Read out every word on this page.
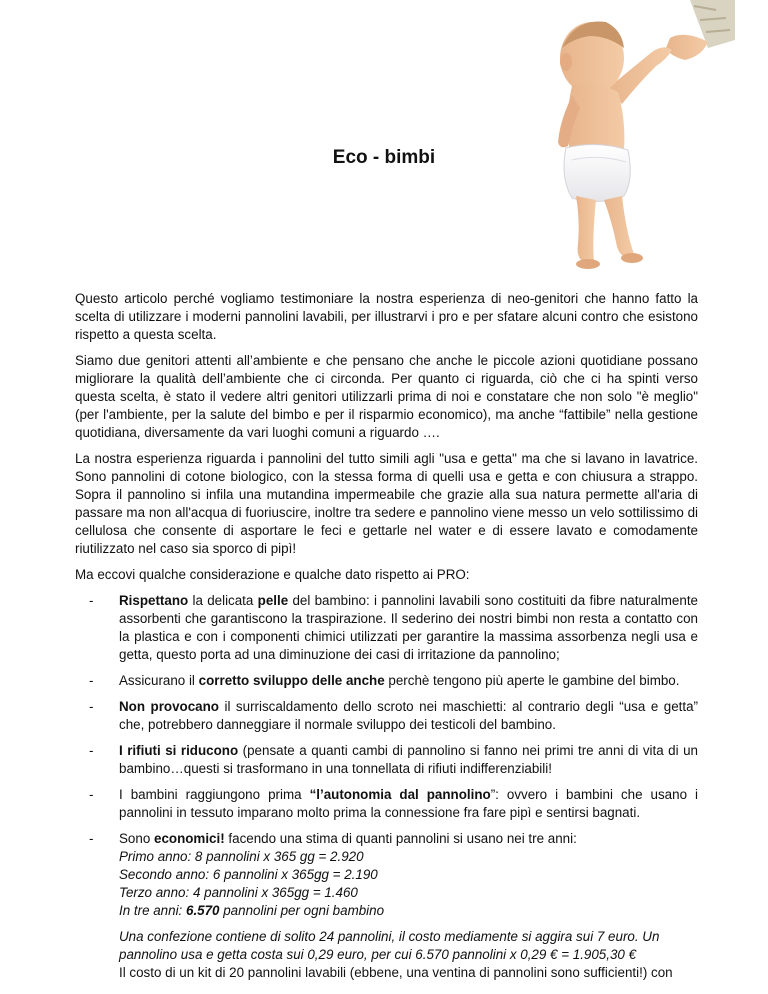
Eco - bimbi

Questo articolo perché vogliamo testimoniare la nostra esperienza di neo-genitori che hanno fatto la scelta di utilizzare i moderni pannolini lavabili, per illustrarvi i pro e per sfatare alcuni contro che esistono rispetto a questa scelta.

Siamo due genitori attenti all’ambiente e che pensano che anche le piccole azioni quotidiane possano migliorare la qualità dell’ambiente che ci circonda. Per quanto ci riguarda, ciò che ci ha spinti verso questa scelta, è stato il vedere altri genitori utilizzarli prima di noi e constatare che non solo "è meglio" (per l'ambiente, per la salute del bimbo e per il risparmio economico), ma anche “fattibile” nella gestione quotidiana, diversamente da vari luoghi comuni a riguardo ….

La nostra esperienza riguarda i pannolini del tutto simili agli "usa e getta" ma che si lavano in lavatrice. Sono pannolini di cotone biologico, con la stessa forma di quelli usa e getta e con chiusura a strappo. Sopra il pannolino si infila una mutandina impermeabile che grazie alla sua natura permette all'aria di passare ma non all'acqua di fuoriuscire, inoltre tra sedere e pannolino viene messo un velo sottilissimo di cellulosa che consente di asportare le feci e gettarle nel water e di essere lavato e comodamente riutilizzato nel caso sia sporco di pipì!

Ma eccovi qualche considerazione e qualche dato rispetto ai PRO:

- Rispettano la delicata pelle del bambino: i pannolini lavabili sono costituiti da fibre naturalmente assorbenti che garantiscono la traspirazione. Il sederino dei nostri bimbi non resta a contatto con la plastica e con i componenti chimici utilizzati per garantire la massima assorbenza negli usa e getta, questo porta ad una diminuzione dei casi di irritazione da pannolino;
- Assicurano il corretto sviluppo delle anche perchè tengono più aperte le gambine del bimbo.
- Non provocano il surriscaldamento dello scroto nei maschietti: al contrario degli “usa e getta” che, potrebbero danneggiare il normale sviluppo dei testicoli del bambino.
- I rifiuti si riducono (pensate a quanti cambi di pannolino si fanno nei primi tre anni di vita di un bambino…questi si trasformano in una tonnellata di rifiuti indifferenziabili!
- I bambini raggiungono prima “l’autonomia dal pannolino”: ovvero i bambini che usano i pannolini in tessuto imparano molto prima la connessione fra fare pipì e sentirsi bagnati.
- Sono economici! facendo una stima di quanti pannolini si usano nei tre anni:
Primo anno: 8 pannolini x 365 gg = 2.920
Secondo anno: 6 pannolini x 365gg = 2.190
Terzo anno: 4 pannolini x 365gg = 1.460
In tre anni: 6.570 pannolini per ogni bambino
Una confezione contiene di solito 24 pannolini, il costo mediamente si aggira sui 7 euro. Un pannolino usa e getta costa sui 0,29 euro, per cui 6.570 pannolini x 0,29 € = 1.905,30 €
Il costo di un kit di 20 pannolini lavabili (ebbene, una ventina di pannolini sono sufficienti!) con
